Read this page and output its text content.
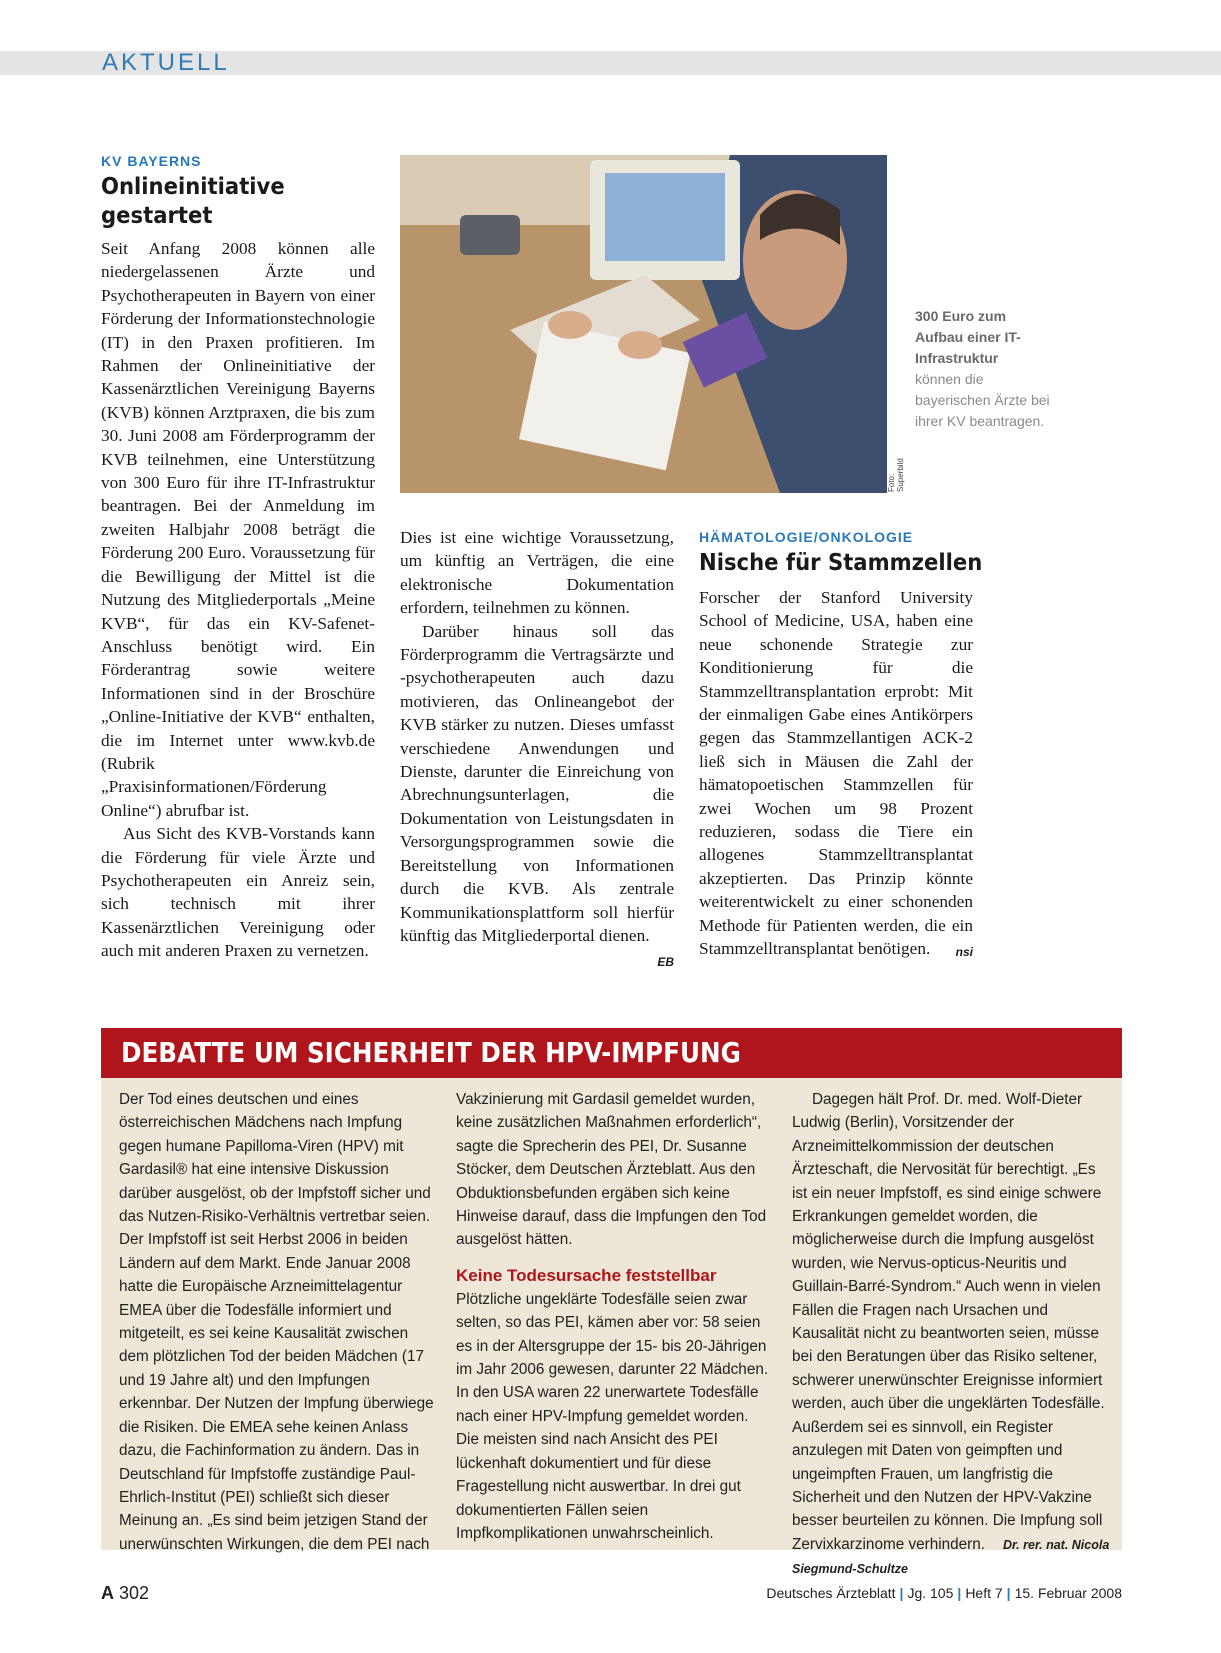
AKTUELL
KV BAYERNS
Onlineinitiative
gestartet

Seit Anfang 2008 können alle niedergelassenen Ärzte und Psychotherapeuten in Bayern von einer Förderung der Informationstechnologie (IT) in den Praxen profitieren. Im Rahmen der Onlineinitiative der Kassenärztlichen Vereinigung Bayerns (KVB) können Arztpraxen, die bis zum 30. Juni 2008 am Förderprogramm der KVB teilnehmen, eine Unterstützung von 300 Euro für ihre IT-Infrastruktur beantragen. Bei der Anmeldung im zweiten Halbjahr 2008 beträgt die Förderung 200 Euro. Voraussetzung für die Bewilligung der Mittel ist die Nutzung des Mitgliederportals „Meine KVB“, für das ein KV-Safenet-Anschluss benötigt wird. Ein Förderantrag sowie weitere Informationen sind in der Broschüre „Online-Initiative der KVB“ enthalten, die im Internet unter www.kvb.de (Rubrik „Praxisinformationen/Förderung Online“) abrufbar ist.

Aus Sicht des KVB-Vorstands kann die Förderung für viele Ärzte und Psychotherapeuten ein Anreiz sein, sich technisch mit ihrer Kassenärztlichen Vereinigung oder auch mit anderen Praxen zu vernetzen.

Foto: Superbild
300 Euro zum Aufbau einer IT-Infrastruktur
können die bayerischen Ärzte bei ihrer KV beantragen.

Dies ist eine wichtige Voraussetzung, um künftig an Verträgen, die eine elektronische Dokumentation erfordern, teilnehmen zu können.

Darüber hinaus soll das Förderprogramm die Vertragsärzte und -psychotherapeuten auch dazu motivieren, das Onlineangebot der KVB stärker zu nutzen. Dieses umfasst verschiedene Anwendungen und Dienste, darunter die Einreichung von Abrechnungsunterlagen, die Dokumentation von Leistungsdaten in Versorgungsprogrammen sowie die Bereitstellung von Informationen durch die KVB. Als zentrale Kommunikationsplattform soll hierfür künftig das Mitgliederportal dienen.
EB

HÄMATOLOGIE/ONKOLOGIE
Nische für Stammzellen

Forscher der Stanford University School of Medicine, USA, haben eine neue schonende Strategie zur Konditionierung für die Stammzelltransplantation erprobt: Mit der einmaligen Gabe eines Antikörpers gegen das Stammzellantigen ACK-2 ließ sich in Mäusen die Zahl der hämatopoetischen Stammzellen für zwei Wochen um 98 Prozent reduzieren, sodass die Tiere ein allogenes Stammzelltransplantat akzeptierten. Das Prinzip könnte weiterentwickelt zu einer schonenden Methode für Patienten werden, die ein Stammzelltransplantat benötigen. nsi

DEBATTE UM SICHERHEIT DER HPV-IMPFUNG

Der Tod eines deutschen und eines österreichischen Mädchens nach Impfung gegen humane Papilloma-Viren (HPV) mit Gardasil® hat eine intensive Diskussion darüber ausgelöst, ob der Impfstoff sicher und das Nutzen-Risiko-Verhältnis vertretbar seien. Der Impfstoff ist seit Herbst 2006 in beiden Ländern auf dem Markt. Ende Januar 2008 hatte die Europäische Arzneimittelagentur EMEA über die Todesfälle informiert und mitgeteilt, es sei keine Kausalität zwischen dem plötzlichen Tod der beiden Mädchen (17 und 19 Jahre alt) und den Impfungen erkennbar. Der Nutzen der Impfung überwiege die Risiken. Die EMEA sehe keinen Anlass dazu, die Fachinformation zu ändern. Das in Deutschland für Impfstoffe zuständige Paul-Ehrlich-Institut (PEI) schließt sich dieser Meinung an. „Es sind beim jetzigen Stand der unerwünschten Wirkungen, die dem PEI nach

Vakzinierung mit Gardasil gemeldet wurden, keine zusätzlichen Maßnahmen erforderlich“, sagte die Sprecherin des PEI, Dr. Susanne Stöcker, dem Deutschen Ärzteblatt. Aus den Obduktionsbefunden ergäben sich keine Hinweise darauf, dass die Impfungen den Tod ausgelöst hätten.

Keine Todesursache feststellbar

Plötzliche ungeklärte Todesfälle seien zwar selten, so das PEI, kämen aber vor: 58 seien es in der Altersgruppe der 15- bis 20-Jährigen im Jahr 2006 gewesen, darunter 22 Mädchen. In den USA waren 22 unerwartete Todesfälle nach einer HPV-Impfung gemeldet worden. Die meisten sind nach Ansicht des PEI lückenhaft dokumentiert und für diese Fragestellung nicht auswertbar. In drei gut dokumentierten Fällen seien Impfkomplikationen unwahrscheinlich.

Dagegen hält Prof. Dr. med. Wolf-Dieter Ludwig (Berlin), Vorsitzender der Arzneimittelkommission der deutschen Ärzteschaft, die Nervosität für berechtigt. „Es ist ein neuer Impfstoff, es sind einige schwere Erkrankungen gemeldet worden, die möglicherweise durch die Impfung ausgelöst wurden, wie Nervus-opticus-Neuritis und Guillain-Barré-Syndrom.“ Auch wenn in vielen Fällen die Fragen nach Ursachen und Kausalität nicht zu beantworten seien, müsse bei den Beratungen über das Risiko seltener, schwerer unerwünschter Ereignisse informiert werden, auch über die ungeklärten Todesfälle. Außerdem sei es sinnvoll, ein Register anzulegen mit Daten von geimpften und ungeimpften Frauen, um langfristig die Sicherheit und den Nutzen der HPV-Vakzine besser beurteilen zu können. Die Impfung soll Zervixkarzinome verhindern. Dr. rer. nat. Nicola Siegmund-Schultze

A 302	Deutsches Ärzteblatt | Jg. 105 | Heft 7 | 15. Februar 2008
